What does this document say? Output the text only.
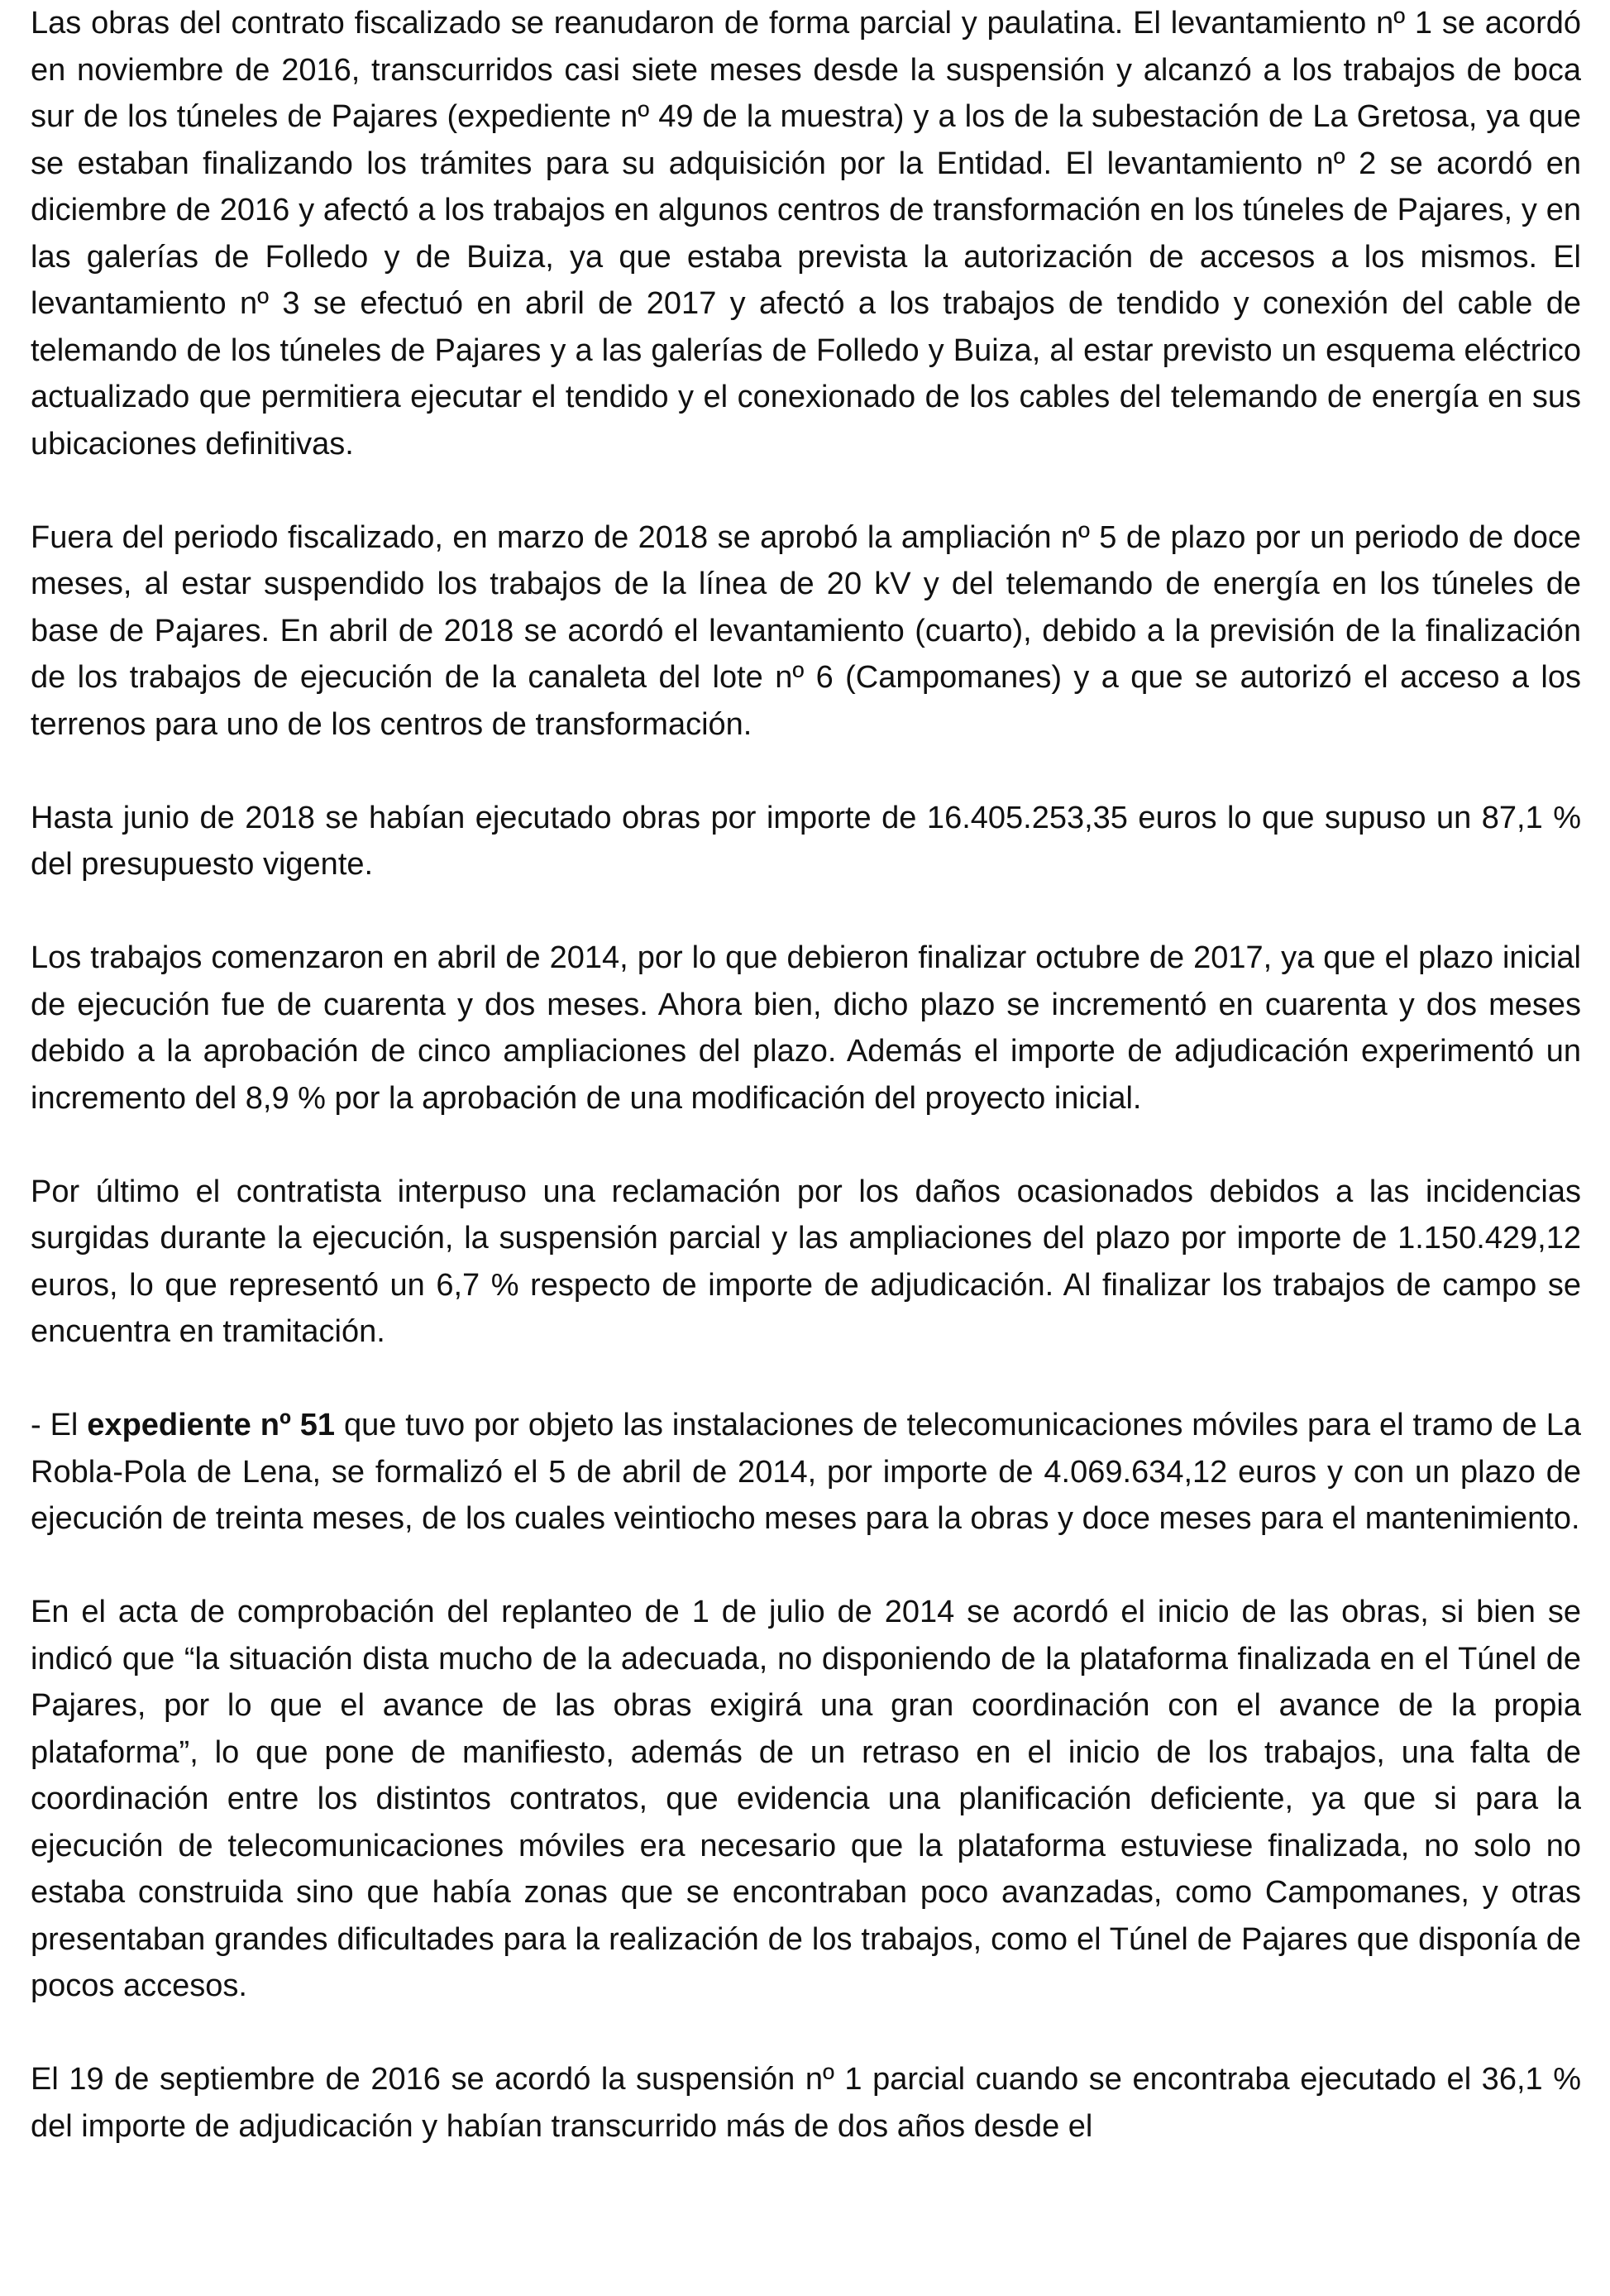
Las obras del contrato fiscalizado se reanudaron de forma parcial y paulatina. El levantamiento nº 1 se acordó en noviembre de 2016, transcurridos casi siete meses desde la suspensión y alcanzó a los trabajos de boca sur de los túneles de Pajares (expediente nº 49 de la muestra) y a los de la subestación de La Gretosa, ya que se estaban finalizando los trámites para su adquisición por la Entidad. El levantamiento nº 2 se acordó en diciembre de 2016 y afectó a los trabajos en algunos centros de transformación en los túneles de Pajares, y en las galerías de Folledo y de Buiza, ya que estaba prevista la autorización de accesos a los mismos. El levantamiento nº 3 se efectuó en abril de 2017 y afectó a los trabajos de tendido y conexión del cable de telemando de los túneles de Pajares y a las galerías de Folledo y Buiza, al estar previsto un esquema eléctrico actualizado que permitiera ejecutar el tendido y el conexionado de los cables del telemando de energía en sus ubicaciones definitivas.

Fuera del periodo fiscalizado, en marzo de 2018 se aprobó la ampliación nº 5 de plazo por un periodo de doce meses, al estar suspendido los trabajos de la línea de 20 kV y del telemando de energía en los túneles de base de Pajares. En abril de 2018 se acordó el levantamiento (cuarto), debido a la previsión de la finalización de los trabajos de ejecución de la canaleta del lote nº 6 (Campomanes) y a que se autorizó el acceso a los terrenos para uno de los centros de transformación.

Hasta junio de 2018 se habían ejecutado obras por importe de 16.405.253,35 euros lo que supuso un 87,1 % del presupuesto vigente.

Los trabajos comenzaron en abril de 2014, por lo que debieron finalizar octubre de 2017, ya que el plazo inicial de ejecución fue de cuarenta y dos meses. Ahora bien, dicho plazo se incrementó en cuarenta y dos meses debido a la aprobación de cinco ampliaciones del plazo. Además el importe de adjudicación experimentó un incremento del 8,9 % por la aprobación de una modificación del proyecto inicial.

Por último el contratista interpuso una reclamación por los daños ocasionados debidos a las incidencias surgidas durante la ejecución, la suspensión parcial y las ampliaciones del plazo por importe de 1.150.429,12 euros, lo que representó un 6,7 % respecto de importe de adjudicación. Al finalizar los trabajos de campo se encuentra en tramitación.

- El expediente nº 51 que tuvo por objeto las instalaciones de telecomunicaciones móviles para el tramo de La Robla-Pola de Lena, se formalizó el 5 de abril de 2014, por importe de 4.069.634,12 euros y con un plazo de ejecución de treinta meses, de los cuales veintiocho meses para la obras y doce meses para el mantenimiento.

En el acta de comprobación del replanteo de 1 de julio de 2014 se acordó el inicio de las obras, si bien se indicó que “la situación dista mucho de la adecuada, no disponiendo de la plataforma finalizada en el Túnel de Pajares, por lo que el avance de las obras exigirá una gran coordinación con el avance de la propia plataforma”, lo que pone de manifiesto, además de un retraso en el inicio de los trabajos, una falta de coordinación entre los distintos contratos, que evidencia una planificación deficiente, ya que si para la ejecución de telecomunicaciones móviles era necesario que la plataforma estuviese finalizada, no solo no estaba construida sino que había zonas que se encontraban poco avanzadas, como Campomanes, y otras presentaban grandes dificultades para la realización de los trabajos, como el Túnel de Pajares que disponía de pocos accesos.

El 19 de septiembre de 2016 se acordó la suspensión nº 1 parcial cuando se encontraba ejecutado el 36,1 % del importe de adjudicación y habían transcurrido más de dos años desde el
